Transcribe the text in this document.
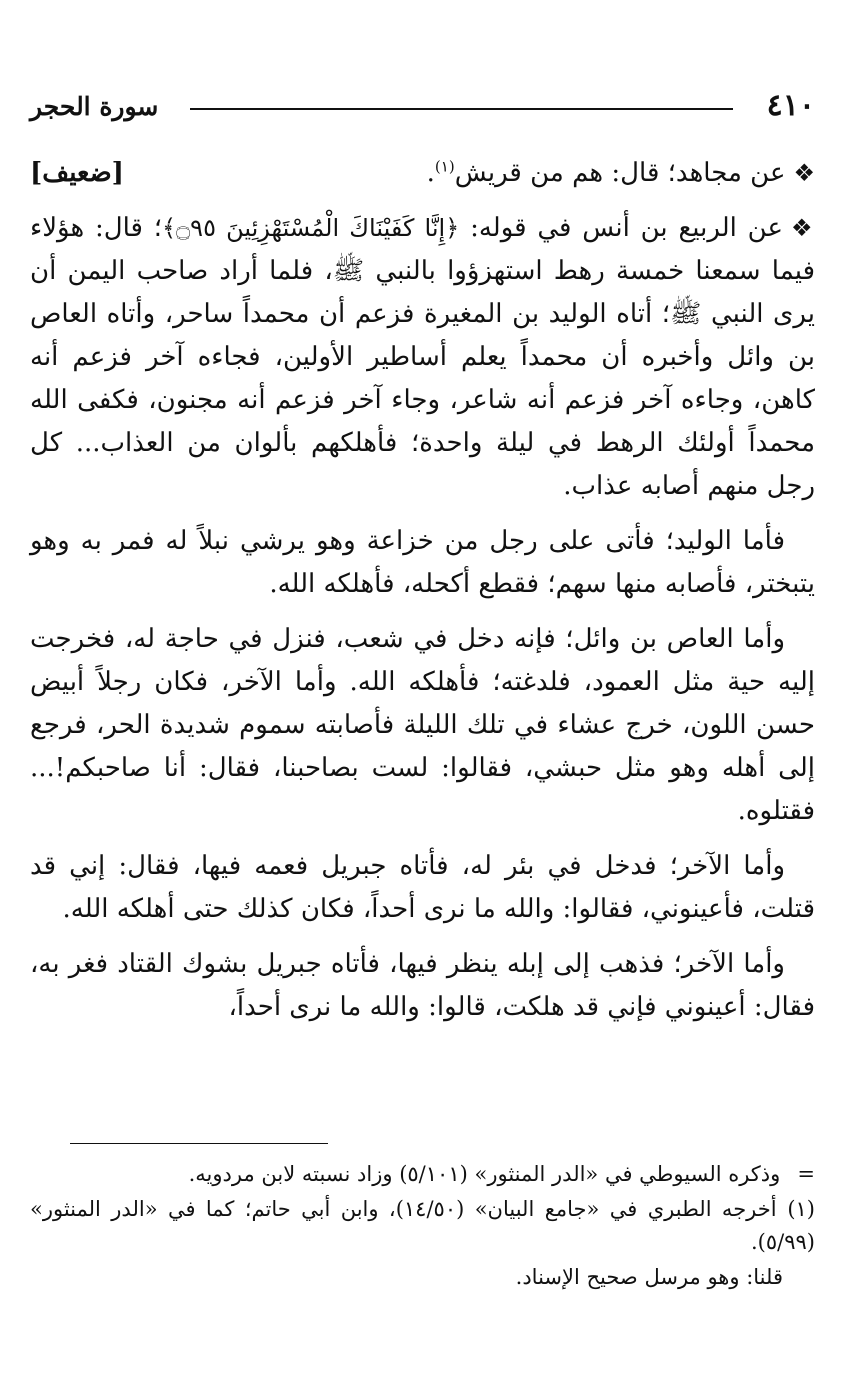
٤١٠
سورة الحجر

[ضعيف]	❖عن مجاهد؛ قال: هم من قريش$^{(١)}$.

❖عن الربيع بن أنس في قوله: ﴿إِنَّا كَفَيْنَاكَ الْمُسْتَهْزِئِينَ ۝٩٥﴾؛ قال: هؤلاء فيما سمعنا خمسة رهط استهزؤوا بالنبي ﷺ، فلما أراد صاحب اليمن أن يرى النبي ﷺ؛ أتاه الوليد بن المغيرة فزعم أن محمداً ساحر، وأتاه العاص بن وائل وأخبره أن محمداً يعلم أساطير الأولين، فجاءه آخر فزعم أنه كاهن، وجاءه آخر فزعم أنه شاعر، وجاء آخر فزعم أنه مجنون، فكفى الله محمداً أولئك الرهط في ليلة واحدة؛ فأهلكهم بألوان من العذاب... كل رجل منهم أصابه عذاب.

فأما الوليد؛ فأتى على رجل من خزاعة وهو يرشي نبلاً له فمر به وهو يتبختر، فأصابه منها سهم؛ فقطع أكحله، فأهلكه الله.

وأما العاص بن وائل؛ فإنه دخل في شعب، فنزل في حاجة له، فخرجت إليه حية مثل العمود، فلدغته؛ فأهلكه الله. وأما الآخر، فكان رجلاً أبيض حسن اللون، خرج عشاء في تلك الليلة فأصابته سموم شديدة الحر، فرجع إلى أهله وهو مثل حبشي، فقالوا: لست بصاحبنا، فقال: أنا صاحبكم!... فقتلوه.

وأما الآخر؛ فدخل في بئر له، فأتاه جبريل فعمه فيها، فقال: إني قد قتلت، فأعينوني، فقالوا: والله ما نرى أحداً، فكان كذلك حتى أهلكه الله.

وأما الآخر؛ فذهب إلى إبله ينظر فيها، فأتاه جبريل بشوك القتاد فغر به، فقال: أعينوني فإني قد هلكت، قالوا: والله ما نرى أحداً،

= وذكره السيوطي في «الدر المنثور» (٥/١٠١) وزاد نسبته لابن مردويه.

(١) أخرجه الطبري في «جامع البيان» (١٤/٥٠)، وابن أبي حاتم؛ كما في «الدر المنثور» (٥/٩٩).

قلنا: وهو مرسل صحيح الإسناد.
